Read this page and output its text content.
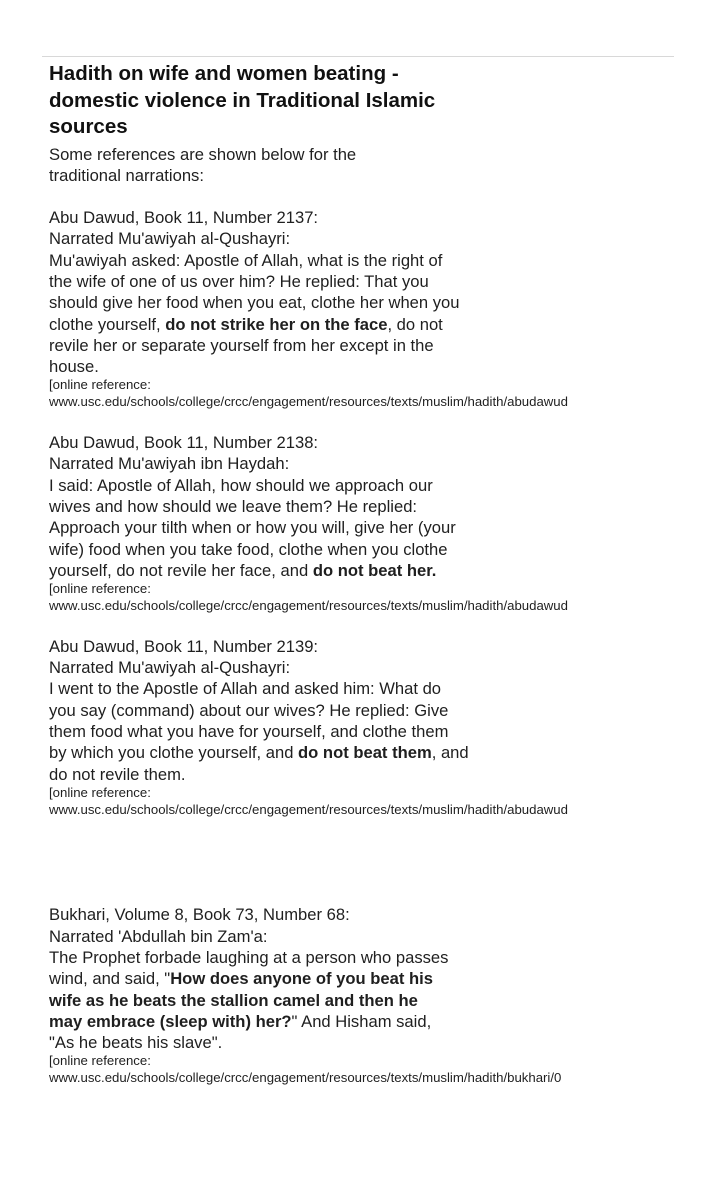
Hadith on wife and women beating - domestic violence in Traditional Islamic sources

Some references are shown below for the traditional narrations:

Abu Dawud, Book 11, Number 2137:

Narrated Mu'awiyah al-Qushayri:

Mu'awiyah asked: Apostle of Allah, what is the right of the wife of one of us over him? He replied: That you should give her food when you eat, clothe her when you clothe yourself, do not strike her on the face, do not revile her or separate yourself from her except in the house.

[online reference:
www.usc.edu/schools/college/crcc/engagement/resources/texts/muslim/hadith/abudawud

Abu Dawud, Book 11, Number 2138:

Narrated Mu'awiyah ibn Haydah:

I said: Apostle of Allah, how should we approach our wives and how should we leave them? He replied: Approach your tilth when or how you will, give her (your wife) food when you take food, clothe when you clothe yourself, do not revile her face, and do not beat her.

[online reference:
www.usc.edu/schools/college/crcc/engagement/resources/texts/muslim/hadith/abudawud

Abu Dawud, Book 11, Number 2139:

Narrated Mu'awiyah al-Qushayri:

I went to the Apostle of Allah and asked him: What do you say (command) about our wives? He replied: Give them food what you have for yourself, and clothe them by which you clothe yourself, and do not beat them, and do not revile them.

[online reference:
www.usc.edu/schools/college/crcc/engagement/resources/texts/muslim/hadith/abudawud

Bukhari, Volume 8, Book 73, Number 68:

Narrated 'Abdullah bin Zam'a:

The Prophet forbade laughing at a person who passes wind, and said, "How does anyone of you beat his wife as he beats the stallion camel and then he may embrace (sleep with) her?" And Hisham said, "As he beats his slave".

[online reference:
www.usc.edu/schools/college/crcc/engagement/resources/texts/muslim/hadith/bukhari/0
